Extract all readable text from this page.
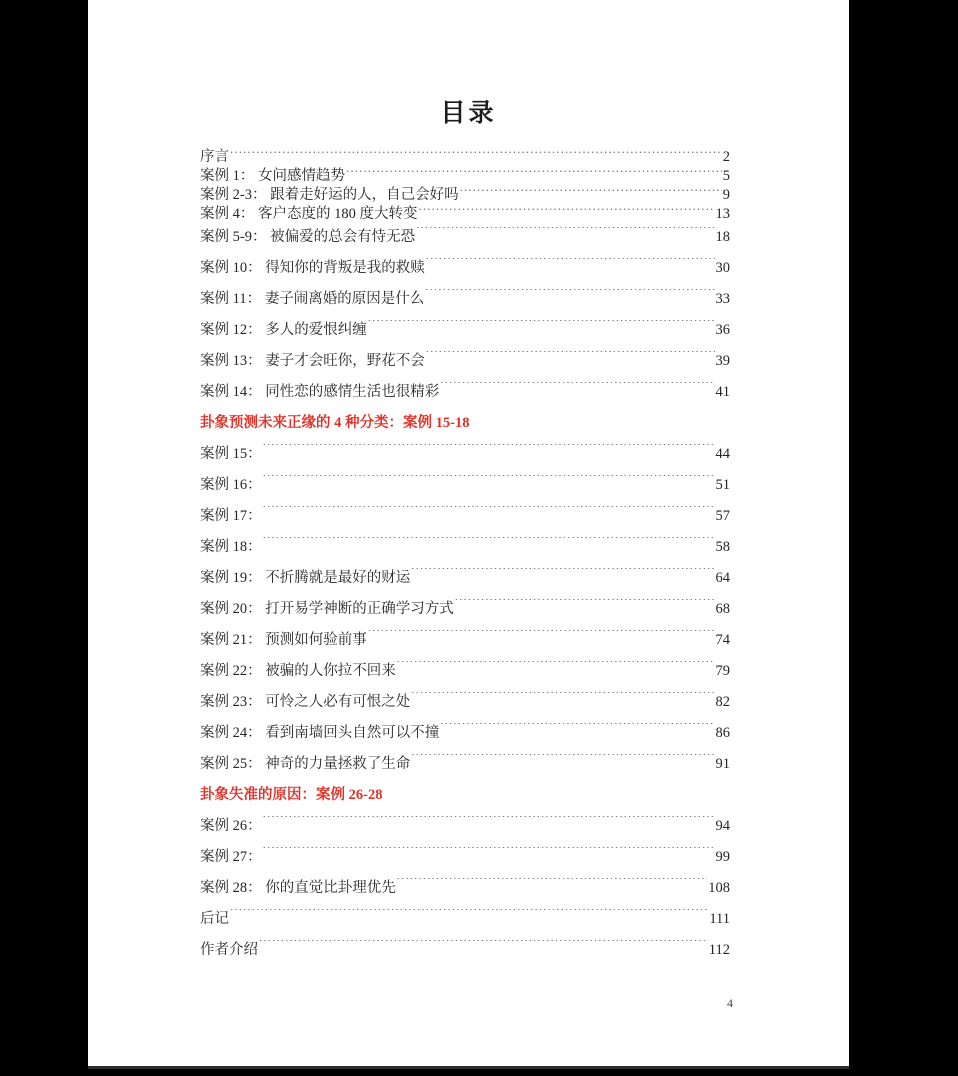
目录
序言 .....	2
案例 1： 女问感情趋势 .....	5
案例 2-3： 跟着走好运的人，自己会好吗 .....	9
案例 4： 客户态度的 180 度大转变 .....	13
案例 5-9： 被偏爱的总会有恃无恐 .....	18
案例 10： 得知你的背叛是我的救赎 .....	30
案例 11： 妻子闹离婚的原因是什么 .....	33
案例 12： 多人的爱恨纠缠 .....	36
案例 13： 妻子才会旺你，野花不会 .....	39
案例 14： 同性恋的感情生活也很精彩 .....	41
卦象预测未来正缘的 4 种分类：案例 15-18
案例 15： .....	44
案例 16： .....	51
案例 17： .....	57
案例 18： .....	58
案例 19： 不折腾就是最好的财运 .....	64
案例 20： 打开易学神断的正确学习方式 .....	68
案例 21： 预测如何验前事 .....	74
案例 22： 被骗的人你拉不回来 .....	79
案例 23： 可怜之人必有可恨之处 .....	82
案例 24： 看到南墙回头自然可以不撞 .....	86
案例 25： 神奇的力量拯救了生命 .....	91
卦象失准的原因：案例 26-28
案例 26： .....	94
案例 27： .....	99
案例 28： 你的直觉比卦理优先 .....	108
后记 .....	111
作者介绍 .....	112
4
